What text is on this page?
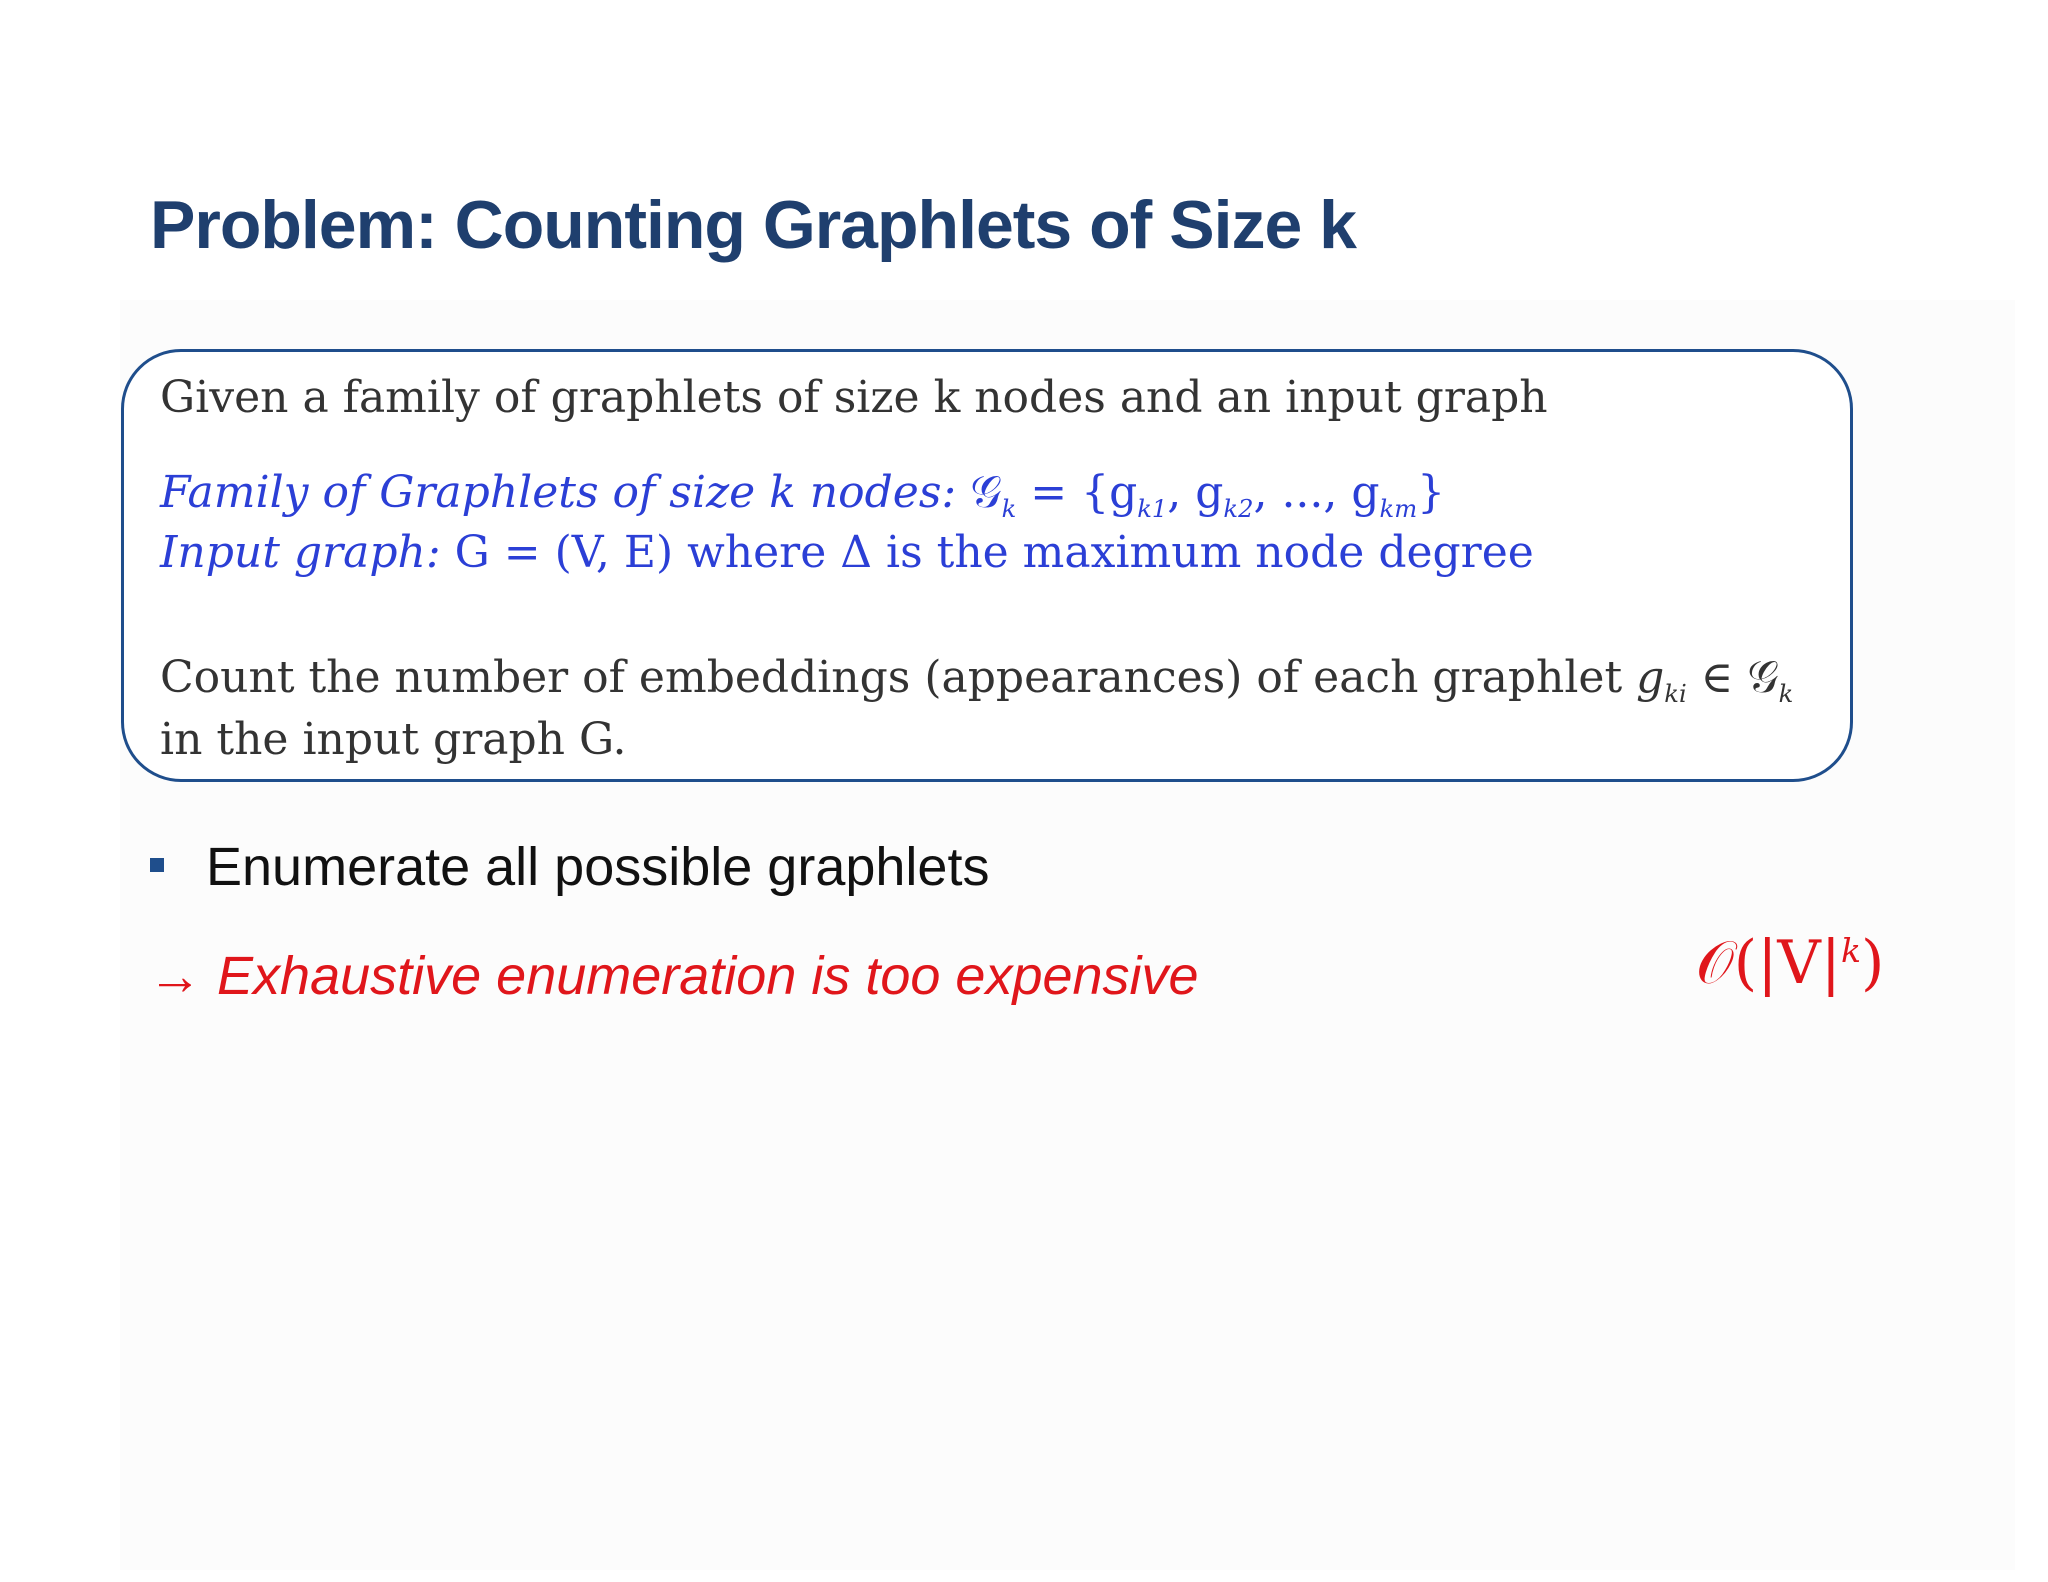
Problem: Counting Graphlets of Size k
Given a family of graphlets of size k nodes and an input graph
Family of Graphlets of size k nodes: 𝒢$_k$ = {$g_{k1}$, $g_{k2}$, ..., $g_{km}$}
Input graph: G = (V, E) where Δ is the maximum node degree
Count the number of embeddings (appearances) of each graphlet $g_{ki}$ ∈ 𝒢$_k$
in the input graph G.
Enumerate all possible graphlets
→ Exhaustive enumeration is too expensive	$𝒪(|V|^k)$
